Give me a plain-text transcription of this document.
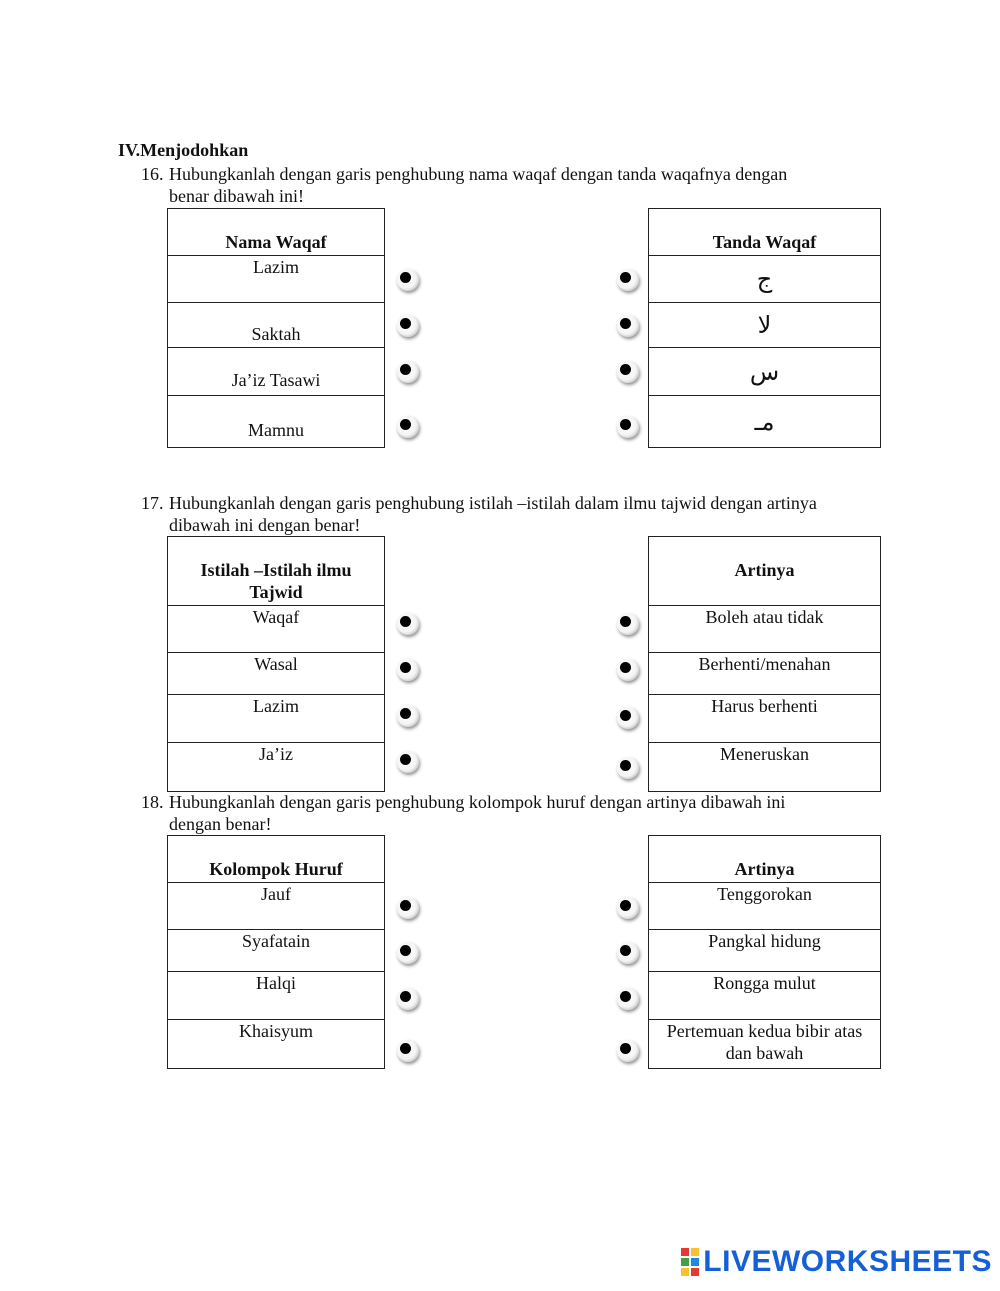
IV.Menjodohkan
16. Hubungkanlah dengan garis penghubung nama waqaf dengan tanda waqafnya dengan
benar dibawah ini!
Nama Waqaf
Lazim
Saktah
Ja’iz Tasawi
Mamnu
Tanda Waqaf
ج
لا
س
مـ
17. Hubungkanlah dengan garis penghubung istilah –istilah dalam ilmu tajwid dengan artinya
dibawah ini dengan benar!
Istilah –Istilah ilmu
Tajwid

Waqaf
Wasal
Lazim
Ja’iz
Artinya
Boleh atau tidak
Berhenti/menahan
Harus berhenti
Meneruskan
18. Hubungkanlah dengan garis penghubung kolompok huruf dengan artinya dibawah ini
dengan benar!
Kolompok Huruf
Jauf
Syafatain
Halqi
Khaisyum
Artinya
Tenggorokan
Pangkal hidung
Rongga mulut

Pertemuan kedua bibir atas
dan bawah
LIVEWORKSHEETS
